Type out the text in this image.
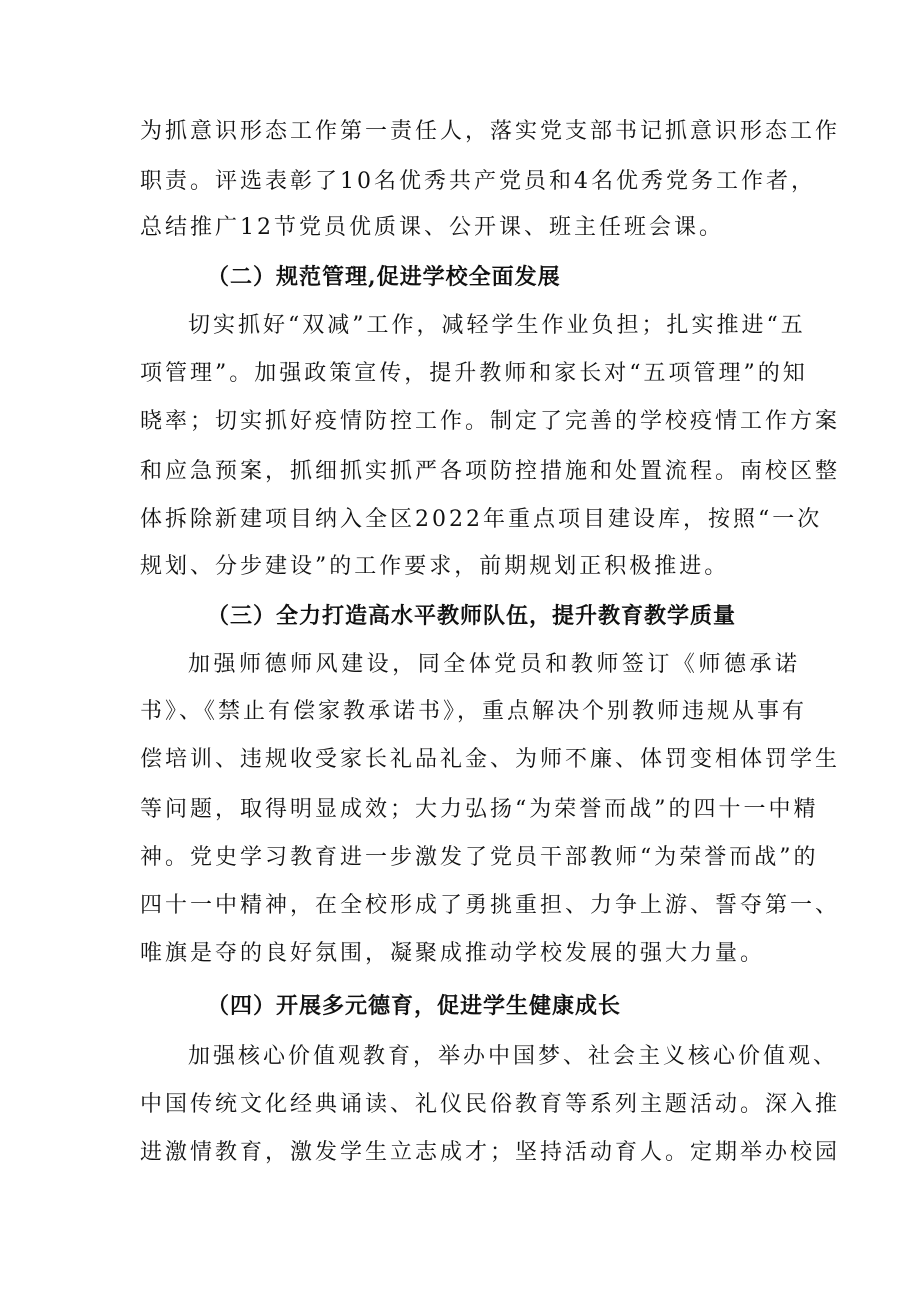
为抓意识形态工作第一责任人，落实党支部书记抓意识形态工作
职责。评选表彰了10名优秀共产党员和4名优秀党务工作者，
总结推广12节党员优质课、公开课、班主任班会课。
（二）规范管理,促进学校全面发展
切实抓好“双减”工作，减轻学生作业负担；扎实推进“五
项管理”。加强政策宣传，提升教师和家长对“五项管理”的知
晓率；切实抓好疫情防控工作。制定了完善的学校疫情工作方案
和应急预案，抓细抓实抓严各项防控措施和处置流程。南校区整
体拆除新建项目纳入全区2022年重点项目建设库，按照“一次
规划、分步建设”的工作要求，前期规划正积极推进。
（三）全力打造高水平教师队伍，提升教育教学质量
加强师德师风建设，同全体党员和教师签订《师德承诺
书》、《禁止有偿家教承诺书》，重点解决个别教师违规从事有
偿培训、违规收受家长礼品礼金、为师不廉、体罚变相体罚学生
等问题，取得明显成效；大力弘扬“为荣誉而战”的四十一中精
神。党史学习教育进一步激发了党员干部教师“为荣誉而战”的
四十一中精神，在全校形成了勇挑重担、力争上游、誓夺第一、
唯旗是夺的良好氛围，凝聚成推动学校发展的强大力量。
（四）开展多元德育，促进学生健康成长
加强核心价值观教育，举办中国梦、社会主义核心价值观、
中国传统文化经典诵读、礼仪民俗教育等系列主题活动。深入推
进激情教育，激发学生立志成才；坚持活动育人。定期举办校园
